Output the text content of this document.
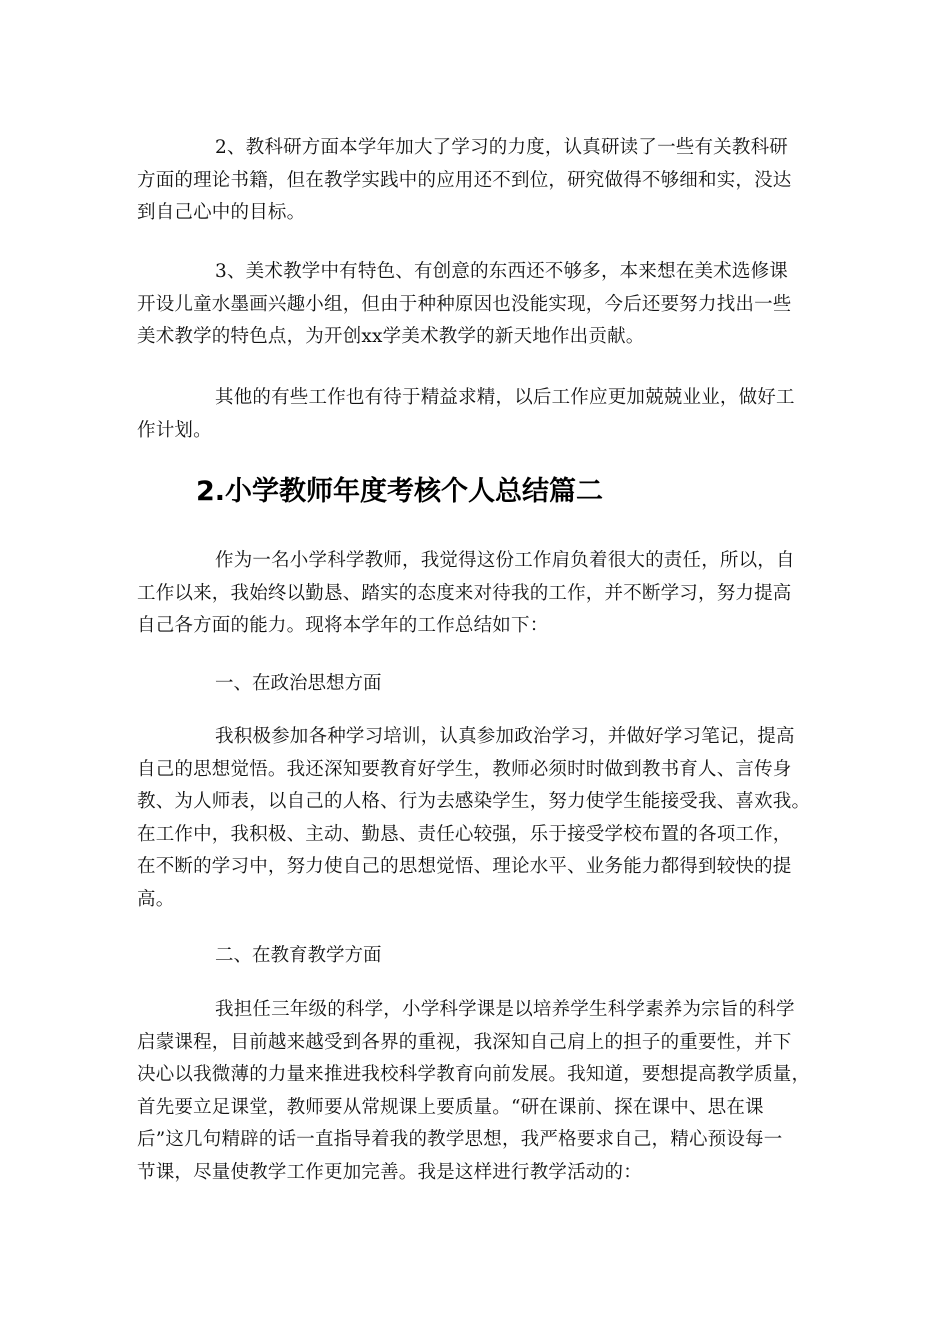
2、教科研方面本学年加大了学习的力度，认真研读了一些有关教科研
方面的理论书籍，但在教学实践中的应用还不到位，研究做得不够细和实，没达
到自己心中的目标。

3、美术教学中有特色、有创意的东西还不够多，本来想在美术选修课
开设儿童水墨画兴趣小组，但由于种种原因也没能实现，今后还要努力找出一些
美术教学的特色点，为开创xx学美术教学的新天地作出贡献。

其他的有些工作也有待于精益求精，以后工作应更加兢兢业业，做好工
作计划。

2.小学教师年度考核个人总结篇二

作为一名小学科学教师，我觉得这份工作肩负着很大的责任，所以，自
工作以来，我始终以勤恳、踏实的态度来对待我的工作，并不断学习，努力提高
自己各方面的能力。现将本学年的工作总结如下：

一、在政治思想方面

我积极参加各种学习培训，认真参加政治学习，并做好学习笔记，提高
自己的思想觉悟。我还深知要教育好学生，教师必须时时做到教书育人、言传身
教、为人师表，以自己的人格、行为去感染学生，努力使学生能接受我、喜欢我。
在工作中，我积极、主动、勤恳、责任心较强，乐于接受学校布置的各项工作，
在不断的学习中，努力使自己的思想觉悟、理论水平、业务能力都得到较快的提
高。

二、在教育教学方面

我担任三年级的科学，小学科学课是以培养学生科学素养为宗旨的科学
启蒙课程，目前越来越受到各界的重视，我深知自己肩上的担子的重要性，并下
决心以我微薄的力量来推进我校科学教育向前发展。我知道，要想提高教学质量，
首先要立足课堂，教师要从常规课上要质量。“研在课前、探在课中、思在课
后”这几句精辟的话一直指导着我的教学思想，我严格要求自己，精心预设每一
节课，尽量使教学工作更加完善。我是这样进行教学活动的：
